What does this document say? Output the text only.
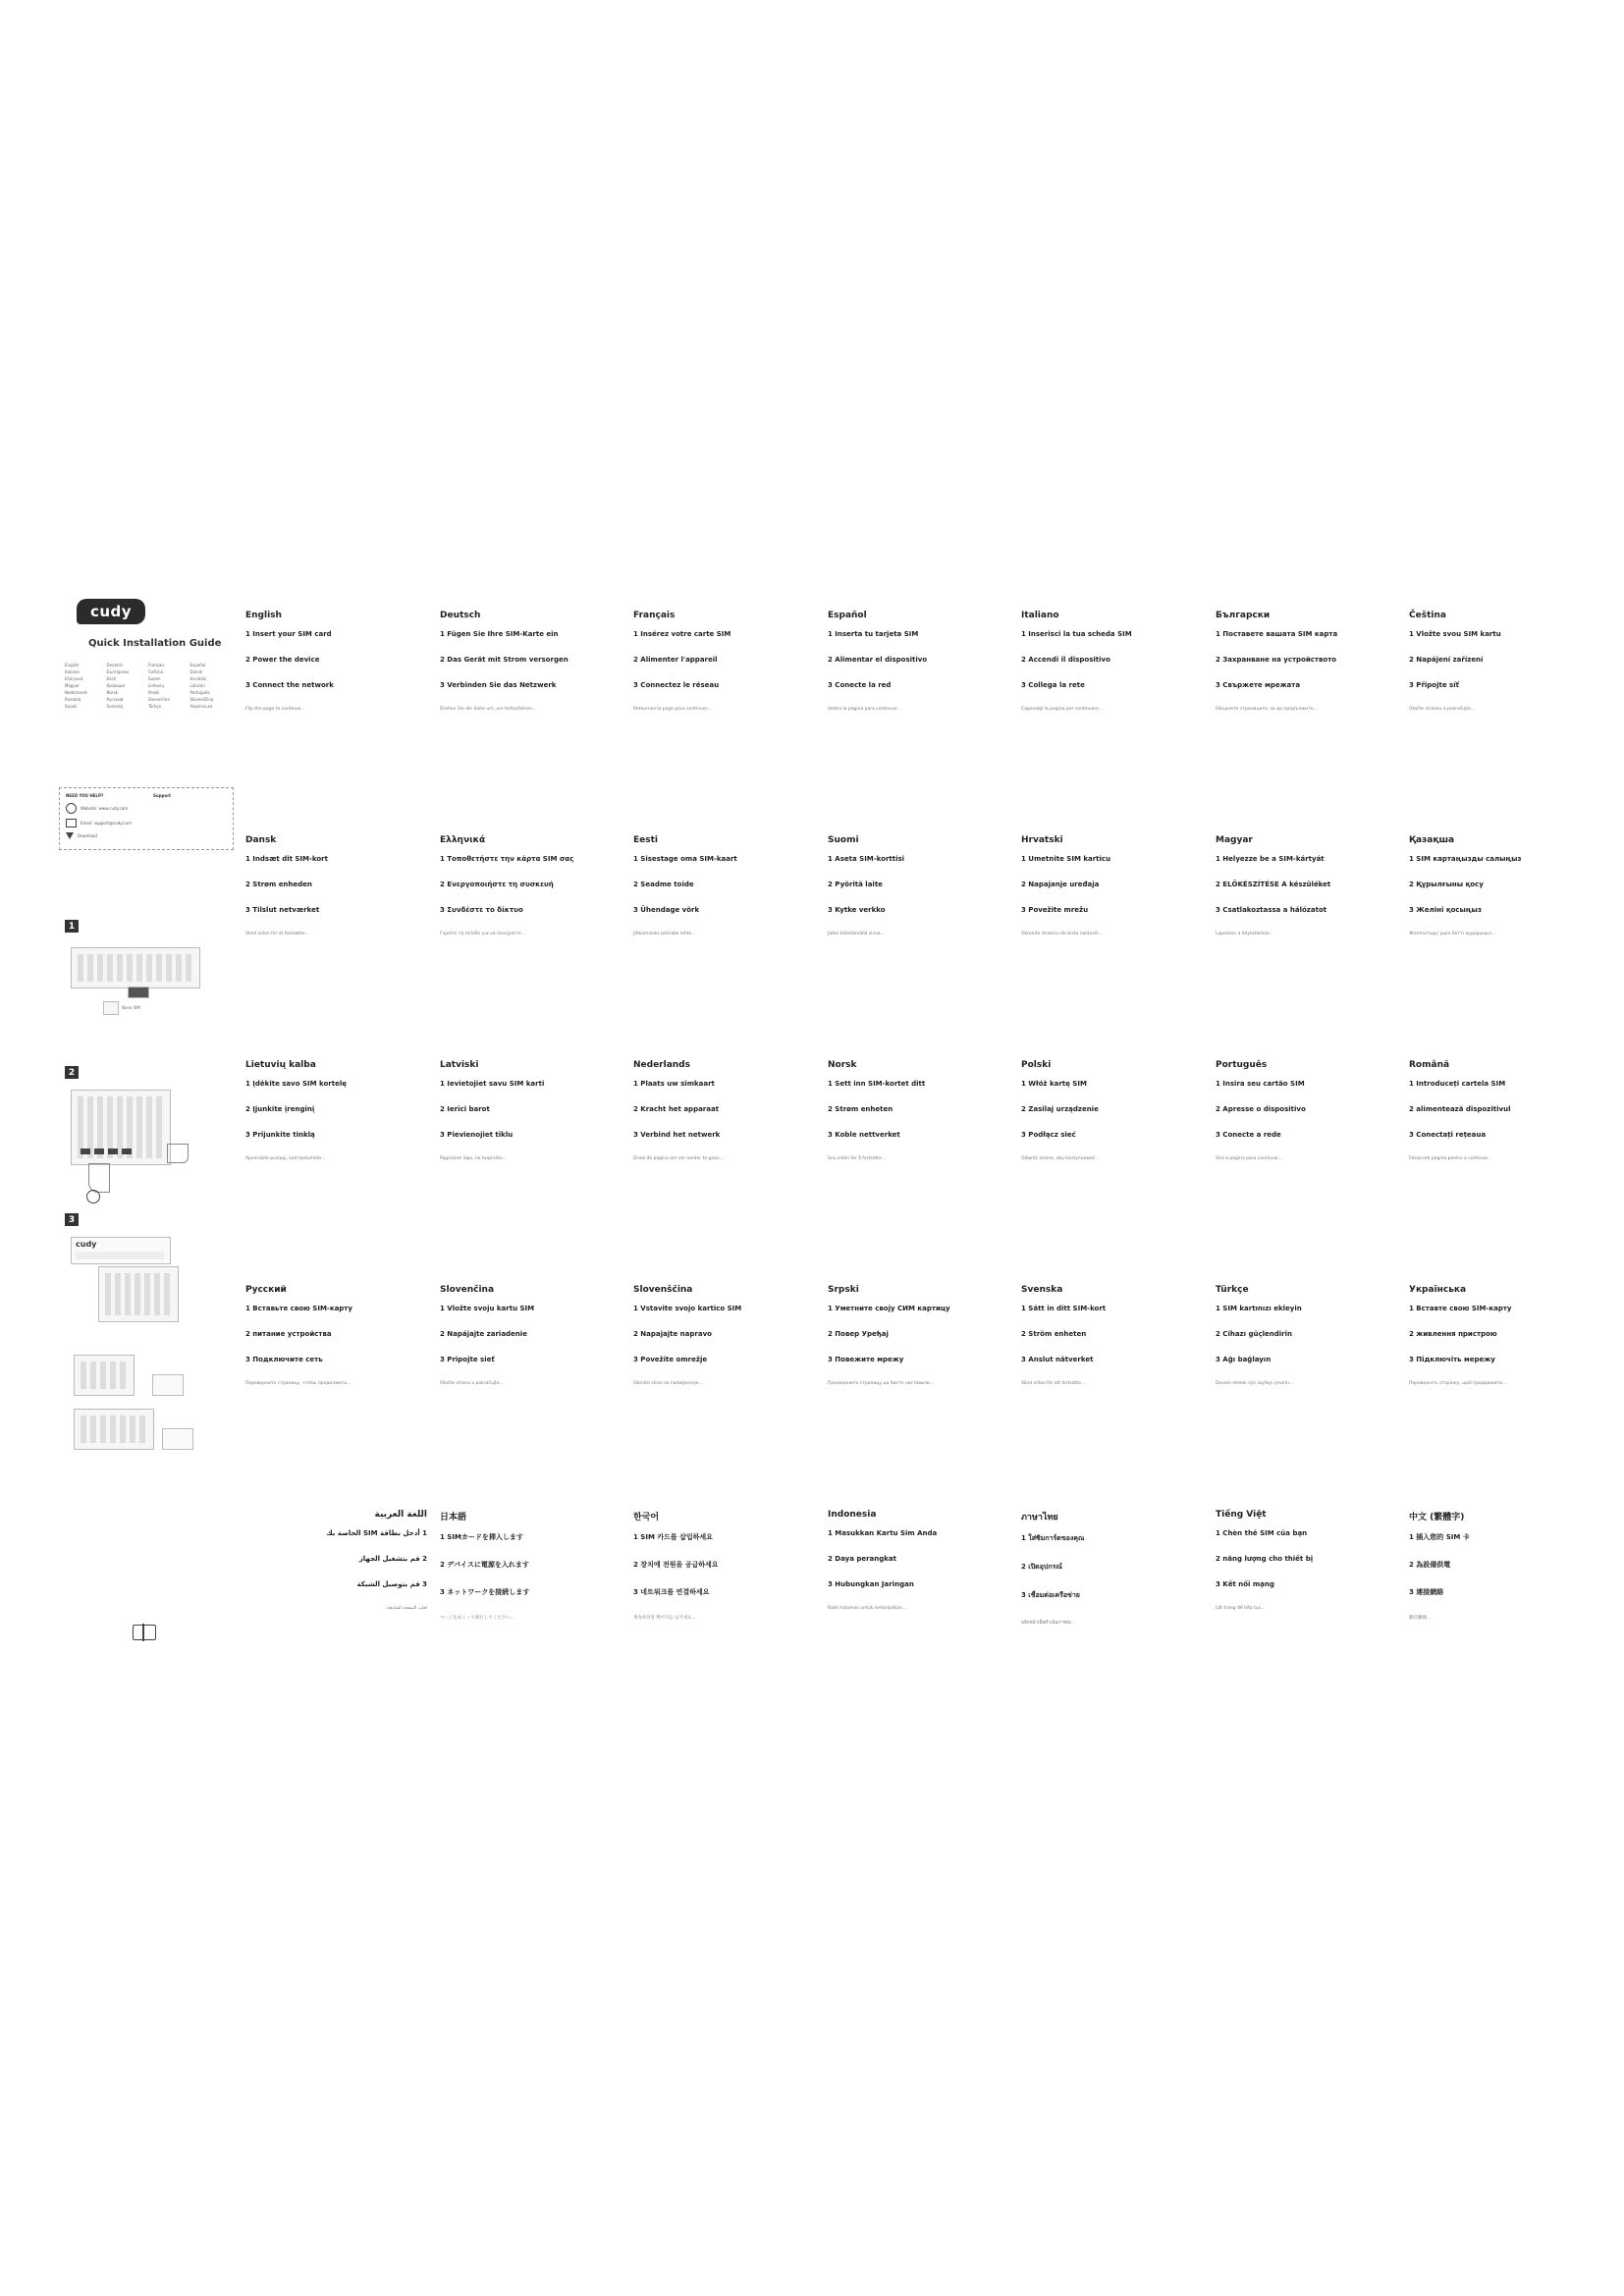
cudy
Quick Installation Guide
English	Deutsch	Français	Español
Italiano	Български	Čeština	Dansk
Ελληνικά	Eesti	Suomi	Hrvatski
Magyar	Қазақша	Lietuvių	Latviski
Nederlands	Norsk	Polski	Português
Română	Русский	Slovenčina	Slovenščina
Srpski	Svenska	Türkçe	Українська
NEED YOU HELP?
Website: www.cudy.com
Email: support@cudy.com
Download
Support
1
Nano SIM
2
3
cudy
English
1 Insert your SIM card
2 Power the device
3 Connect the network
Flip the page to continue...
Deutsch
1 Fügen Sie Ihre SIM-Karte ein
2 Das Gerät mit Strom versorgen
3 Verbinden Sie das Netzwerk
Drehen Sie die Seite um, um fortzufahren...
Français
1 Insérez votre carte SIM
2 Alimenter l'appareil
3 Connectez le réseau
Retournez la page pour continuer...
Español
1 Inserta tu tarjeta SIM
2 Alimentar el dispositivo
3 Conecte la red
Voltea la página para continuar...
Italiano
1 Inserisci la tua scheda SIM
2 Accendi il dispositivo
3 Collega la rete
Capovolgi la pagina per continuare...
Български
1 Поставете вашата SIM карта
2 Захранване на устройството
3 Свържете мрежата
Обърнете страницата, за да продължите...
Čeština
1 Vložte svou SIM kartu
2 Napájení zařízení
3 Připojte síť
Otočte stránku a pokračujte...
Dansk
1 Indsæt dit SIM-kort
2 Strøm enheden
3 Tilslut netværket
Vend siden for at fortsætte...
Ελληνικά
1 Τοποθετήστε την κάρτα SIM σας
2 Ενεργοποιήστε τη συσκευή
3 Συνδέστε το δίκτυο
Γυρίστε τη σελίδα για να συνεχίσετε...
Eesti
1 Sisestage oma SIM-kaart
2 Seadme toide
3 Ühendage võrk
Jätkamiseks pöörake lehte...
Suomi
1 Aseta SIM-korttisi
2 Pyöritä laite
3 Kytke verkko
Jatka kääntämällä sivua...
Hrvatski
1 Umetnite SIM karticu
2 Napajanje uređaja
3 Povežite mrežu
Okrenite stranicu da biste nastavili...
Magyar
1 Helyezze be a SIM-kártyát
2 ELŐKÉSZÍTÉSE A készüléket
3 Csatlakoztassa a hálózatot
Lapozzon a folytatáshoz...
Қазақша
1 SIM картаңызды салыңыз
2 Құрылғыны қосу
3 Желіні қосыңыз
Жалғастыру үшін бетті аударыңыз...
Lietuvių kalba
1 Įdėkite savo SIM kortelę
2 Įjunkite įrenginį
3 Prijunkite tinklą
Apverskite puslapį, kad tęstumėte...
Latviski
1 Ievietojiet savu SIM karti
2 Ierīci barot
3 Pievienojiet tīklu
Pagrieziet lapu, lai turpinātu...
Nederlands
1 Plaats uw simkaart
2 Kracht het apparaat
3 Verbind het netwerk
Draai de pagina om om verder te gaan...
Norsk
1 Sett inn SIM-kortet ditt
2 Strøm enheten
3 Koble nettverket
Snu siden for å fortsette...
Polski
1 Włóż kartę SIM
2 Zasilaj urządzenie
3 Podłącz sieć
Odwróć stronę, aby kontynuować...
Português
1 Insira seu cartão SIM
2 Apresse o dispositivo
3 Conecte a rede
Vire a página para continuar...
Română
1 Introduceți cartela SIM
2 alimentează dispozitivul
3 Conectați rețeaua
Întoarceți pagina pentru a continua...
Русский
1 Вставьте свою SIM-карту
2 питание устройства
3 Подключите сеть
Переверните страницу, чтобы продолжить...
Slovenčina
1 Vložte svoju kartu SIM
2 Napájajte zariadenie
3 Pripojte sieť
Otočte stranu a pokračujte...
Slovenščina
1 Vstavite svojo kartico SIM
2 Napajajte napravo
3 Povežite omrežje
Obrnite stran za nadaljevanje...
Srpski
1 Уметните своју СИМ картицу
2 Повер Уређај
3 Повежите мрежу
Преокрените страницу да бисте наставили...
Svenska
1 Sätt in ditt SIM-kort
2 Ström enheten
3 Anslut nätverket
Vänd sidan för att fortsätta...
Türkçe
1 SIM kartınızı ekleyin
2 Cihazı güçlendirin
3 Ağı bağlayın
Devam etmek için sayfayı çevirin...
Українська
1 Вставте свою SIM-карту
2 живлення пристрою
3 Підключіть мережу
Переверніть сторінку, щоб продовжити...
اللغة العربية
1 أدخل بطاقة SIM الخاصة بك
2 قم بتشغيل الجهاز
3 قم بتوصيل الشبكة
اقلب الصفحة للمتابعة...
日本語
1 SIMカードを挿入します
2 デバイスに電源を入れます
3 ネットワークを接続します
ページをめくって続行してください...
한국어
1 SIM 카드를 삽입하세요
2 장치에 전원을 공급하세요
3 네트워크를 연결하세요
계속하려면 페이지를 넘기세요...
Indonesia
1 Masukkan Kartu Sim Anda
2 Daya perangkat
3 Hubungkan Jaringan
Balik halaman untuk melanjutkan...
ภาษาไทย
1 ใส่ซิมการ์ดของคุณ
2 เปิดอุปกรณ์
3 เชื่อมต่อเครือข่าย
พลิกหน้าเพื่อดำเนินการต่อ...
Tiếng Việt
1 Chèn thẻ SIM của bạn
2 năng lượng cho thiết bị
3 Kết nối mạng
Lật trang để tiếp tục...
中文 (繁體字)
1 插入您的 SIM 卡
2 為設備供電
3 連接網絡
翻頁繼續...
